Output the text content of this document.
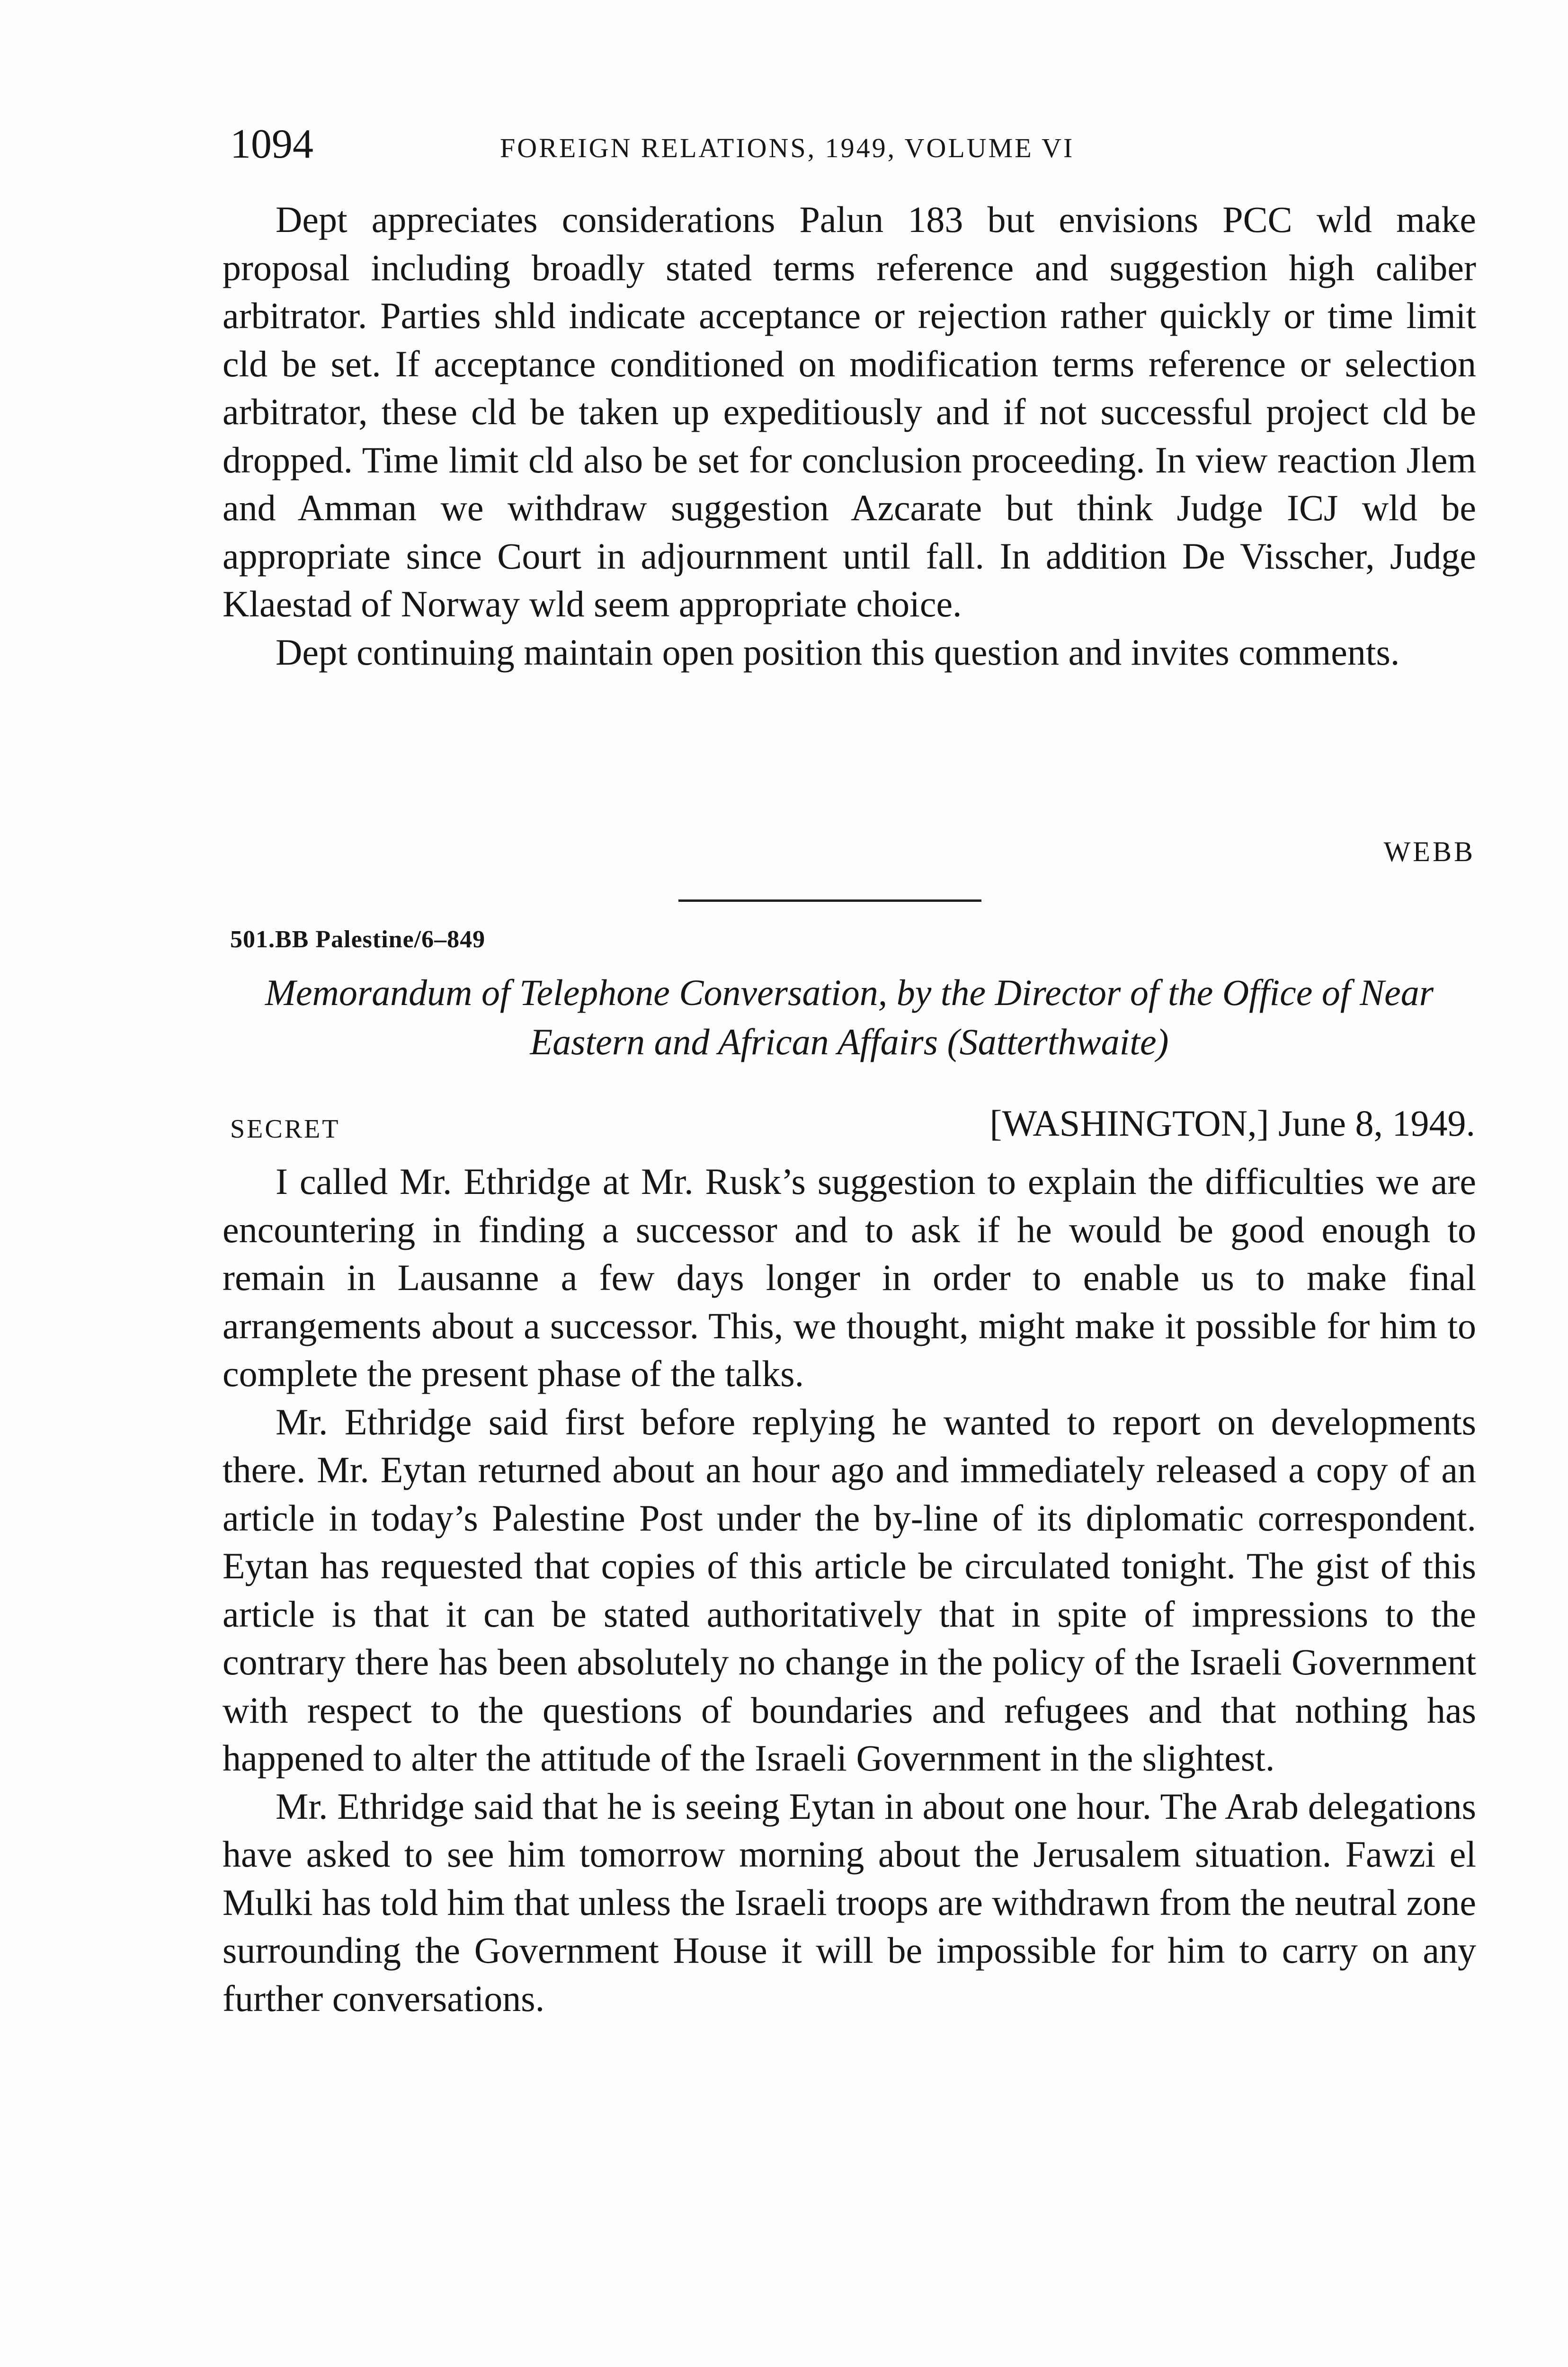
1094	FOREIGN RELATIONS, 1949, VOLUME VI

Dept appreciates considerations Palun 183 but envisions PCC wld make proposal including broadly stated terms reference and suggestion high caliber arbitrator. Parties shld indicate acceptance or rejection rather quickly or time limit cld be set. If acceptance conditioned on modification terms reference or selection arbitrator, these cld be taken up expeditiously and if not successful project cld be dropped. Time limit cld also be set for conclusion proceeding. In view reaction Jlem and Amman we withdraw suggestion Azcarate but think Judge ICJ wld be appropriate since Court in adjournment until fall. In addition De Visscher, Judge Klaestad of Norway wld seem appropriate choice.

Dept continuing maintain open position this question and invites comments.

WEBB
501.BB Palestine/6–849
Memorandum of Telephone Conversation, by the Director of the Office of Near Eastern and African Affairs (Satterthwaite)
SECRET	[WASHINGTON,] June 8, 1949.

I called Mr. Ethridge at Mr. Rusk’s suggestion to explain the difficulties we are encountering in finding a successor and to ask if he would be good enough to remain in Lausanne a few days longer in order to enable us to make final arrangements about a successor. This, we thought, might make it possible for him to complete the present phase of the talks.

Mr. Ethridge said first before replying he wanted to report on developments there. Mr. Eytan returned about an hour ago and immediately released a copy of an article in today’s Palestine Post under the by-line of its diplomatic correspondent. Eytan has requested that copies of this article be circulated tonight. The gist of this article is that it can be stated authoritatively that in spite of impressions to the contrary there has been absolutely no change in the policy of the Israeli Government with respect to the questions of boundaries and refugees and that nothing has happened to alter the attitude of the Israeli Government in the slightest.

Mr. Ethridge said that he is seeing Eytan in about one hour. The Arab delegations have asked to see him tomorrow morning about the Jerusalem situation. Fawzi el Mulki has told him that unless the Israeli troops are withdrawn from the neutral zone surrounding the Government House it will be impossible for him to carry on any further conversations.
